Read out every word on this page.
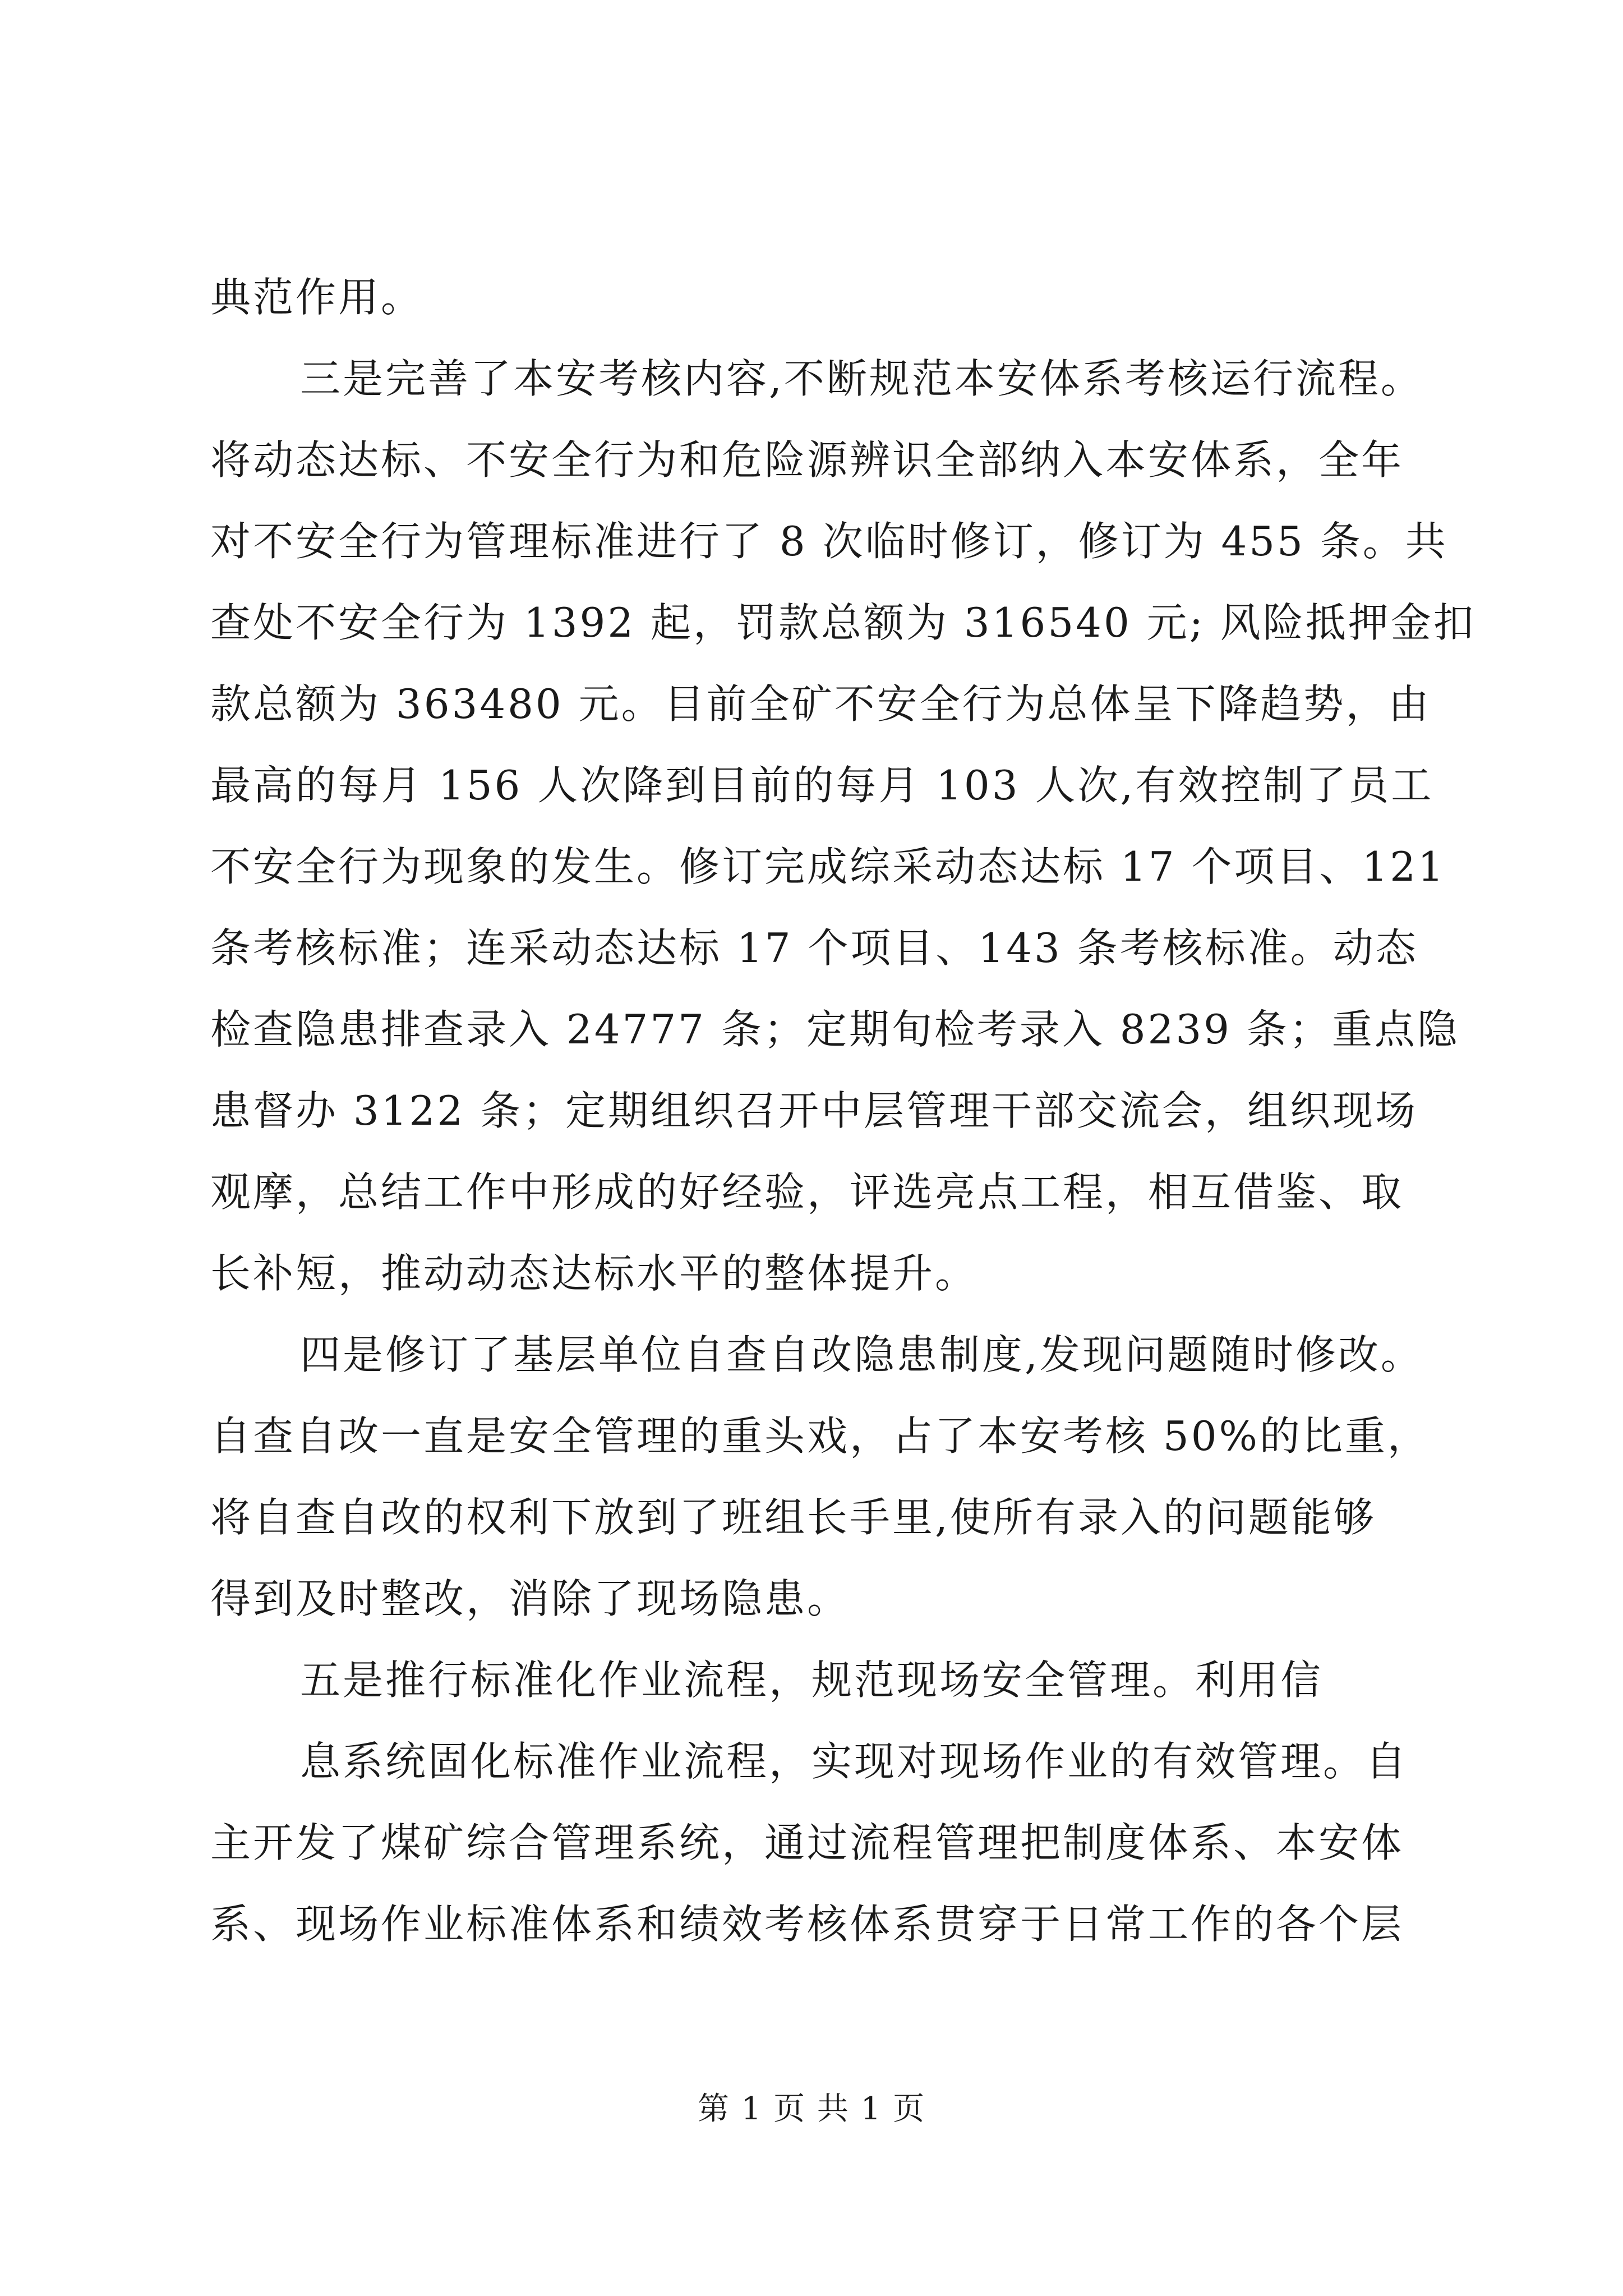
典范作用。
三是完善了本安考核内容,不断规范本安体系考核运行流程。
将动态达标、不安全行为和危险源辨识全部纳入本安体系，全年
对不安全行为管理标准进行了 8 次临时修订，修订为 455 条。共
查处不安全行为 1392 起，罚款总额为 316540 元; 风险抵押金扣
款总额为 363480 元。目前全矿不安全行为总体呈下降趋势，由
最高的每月 156 人次降到目前的每月 103 人次,有效控制了员工
不安全行为现象的发生。修订完成综采动态达标 17 个项目、121
条考核标准；连采动态达标 17 个项目、143 条考核标准。动态
检查隐患排查录入 24777 条；定期旬检考录入 8239 条；重点隐
患督办 3122 条；定期组织召开中层管理干部交流会，组织现场
观摩，总结工作中形成的好经验，评选亮点工程，相互借鉴、取
长补短，推动动态达标水平的整体提升。
四是修订了基层单位自查自改隐患制度,发现问题随时修改。
自查自改一直是安全管理的重头戏，占了本安考核 50%的比重，
将自查自改的权利下放到了班组长手里,使所有录入的问题能够
得到及时整改，消除了现场隐患。
五是推行标准化作业流程，规范现场安全管理。利用信
息系统固化标准作业流程，实现对现场作业的有效管理。自
主开发了煤矿综合管理系统，通过流程管理把制度体系、本安体
系、现场作业标准体系和绩效考核体系贯穿于日常工作的各个层
第 1 页 共 1 页
